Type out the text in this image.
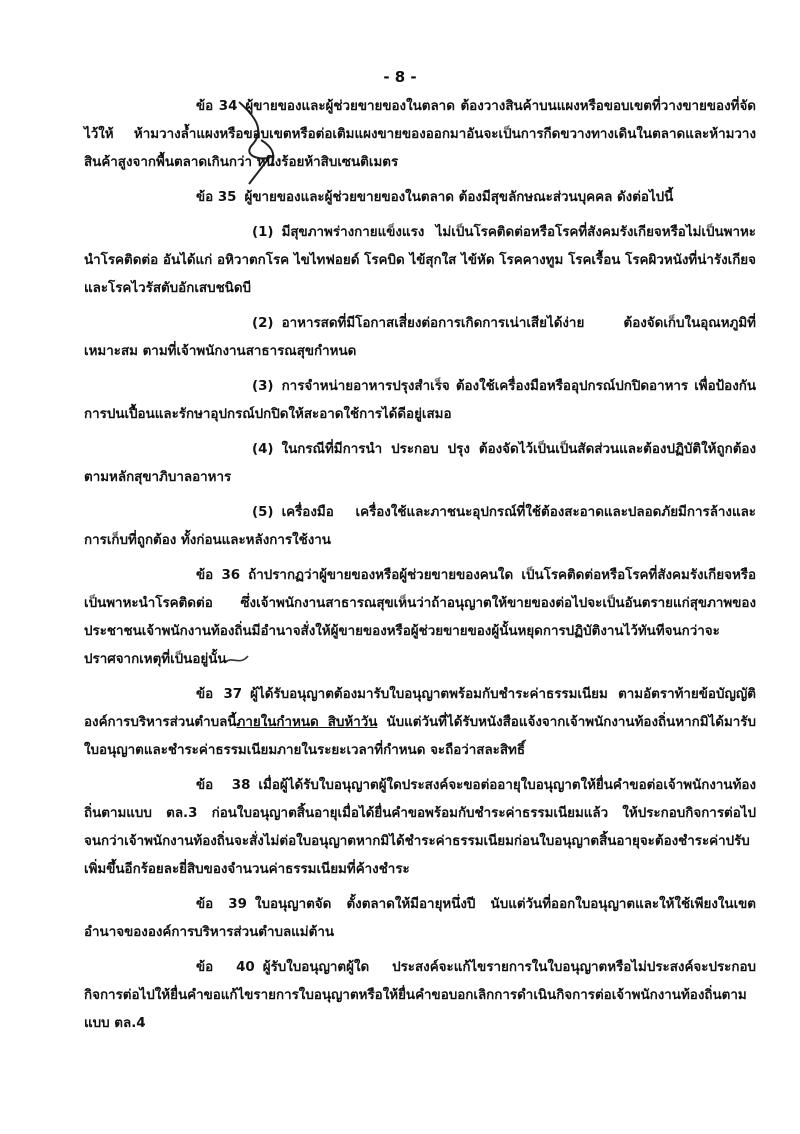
- 8 -

ข้อ 34 ผู้ขายของและผู้ช่วยขายของในตลาด ต้องวางสินค้าบนแผงหรือขอบเขตที่วางขายของที่จัดไว้ให้ ห้ามวางล้ำแผงหรือขอบเขตหรือต่อเติมแผงขายของออกมาอันจะเป็นการกีดขวางทางเดินในตลาดและห้ามวางสินค้าสูงจากพื้นตลาดเกินกว่า หนึ่งร้อยห้าสิบเซนติเมตร

ข้อ 35 ผู้ขายของและผู้ช่วยขายของในตลาด ต้องมีสุขลักษณะส่วนบุคคล ดังต่อไปนี้

(1) มีสุขภาพร่างกายแข็งแรง ไม่เป็นโรคติดต่อหรือโรคที่สังคมรังเกียจหรือไม่เป็นพาหะนำโรคติดต่อ อันได้แก่ อหิวาตกโรค ไขไทฟอยด์ โรคบิด ไข้สุกใส ไข้หัด โรคคางทูม โรคเรื้อน โรคผิวหนังที่น่ารังเกียจและโรคไวรัสตับอักเสบชนิดบี

(2) อาหารสดที่มีโอกาสเสี่ยงต่อการเกิดการเน่าเสียได้ง่าย ต้องจัดเก็บในอุณหภูมิที่เหมาะสม ตามที่เจ้าพนักงานสาธารณสุขกำหนด

(3) การจำหน่ายอาหารปรุงสำเร็จ ต้องใช้เครื่องมือหรืออุปกรณ์ปกปิดอาหาร เพื่อป้องกันการปนเปื้อนและรักษาอุปกรณ์ปกปิดให้สะอาดใช้การได้ดีอยู่เสมอ

(4) ในกรณีที่มีการนำ ประกอบ ปรุง ต้องจัดไว้เป็นเป็นสัดส่วนและต้องปฏิบัติให้ถูกต้องตามหลักสุขาภิบาลอาหาร

(5) เครื่องมือ เครื่องใช้และภาชนะอุปกรณ์ที่ใช้ต้องสะอาดและปลอดภัยมีการล้างและการเก็บที่ถูกต้อง ทั้งก่อนและหลังการใช้งาน

ข้อ 36 ถ้าปรากฏว่าผู้ขายของหรือผู้ช่วยขายของคนใด เป็นโรคติดต่อหรือโรคที่สังคมรังเกียจหรือเป็นพาหะนำโรคติดต่อ ซึ่งเจ้าพนักงานสาธารณสุขเห็นว่าถ้าอนุญาตให้ขายของต่อไปจะเป็นอันตรายแก่สุขภาพของประชาชนเจ้าพนักงานท้องถิ่นมีอำนาจสั่งให้ผู้ขายของหรือผู้ช่วยขายของผู้นั้นหยุดการปฏิบัติงานไว้ทันทีจนกว่าจะปราศจากเหตุที่เป็นอยู่นั้น

ข้อ 37 ผู้ได้รับอนุญาตต้องมารับใบอนุญาตพร้อมกับชำระค่าธรรมเนียม ตามอัตราท้ายข้อบัญญัติองค์การบริหารส่วนตำบลนี้ภายในกำหนด สิบห้าวัน นับแต่วันที่ได้รับหนังสือแจ้งจากเจ้าพนักงานท้องถิ่นหากมิได้มารับใบอนุญาตและชำระค่าธรรมเนียมภายในระยะเวลาที่กำหนด จะถือว่าสละสิทธิ์

ข้อ 38 เมื่อผู้ได้รับใบอนุญาตผู้ใดประสงค์จะขอต่ออายุใบอนุญาตให้ยื่นคำขอต่อเจ้าพนักงานท้องถิ่นตามแบบ ตล.3 ก่อนใบอนุญาตสิ้นอายุเมื่อได้ยื่นคำขอพร้อมกับชำระค่าธรรมเนียมแล้ว ให้ประกอบกิจการต่อไปจนกว่าเจ้าพนักงานท้องถิ่นจะสั่งไม่ต่อใบอนุญาตหากมิได้ชำระค่าธรรมเนียมก่อนใบอนุญาตสิ้นอายุจะต้องชำระค่าปรับเพิ่มขึ้นอีกร้อยละยี่สิบของจำนวนค่าธรรมเนียมที่ค้างชำระ

ข้อ 39 ใบอนุญาตจัด ตั้งตลาดให้มีอายุหนึ่งปี นับแต่วันที่ออกใบอนุญาตและให้ใช้เพียงในเขตอำนาจขององค์การบริหารส่วนตำบลแม่ต้าน

ข้อ 40 ผู้รับใบอนุญาตผู้ใด ประสงค์จะแก้ไขรายการในใบอนุญาตหรือไม่ประสงค์จะประกอบกิจการต่อไปให้ยื่นคำขอแก้ไขรายการใบอนุญาตหรือให้ยื่นคำขอบอกเลิกการดำเนินกิจการต่อเจ้าพนักงานท้องถิ่นตามแบบ ตล.4
